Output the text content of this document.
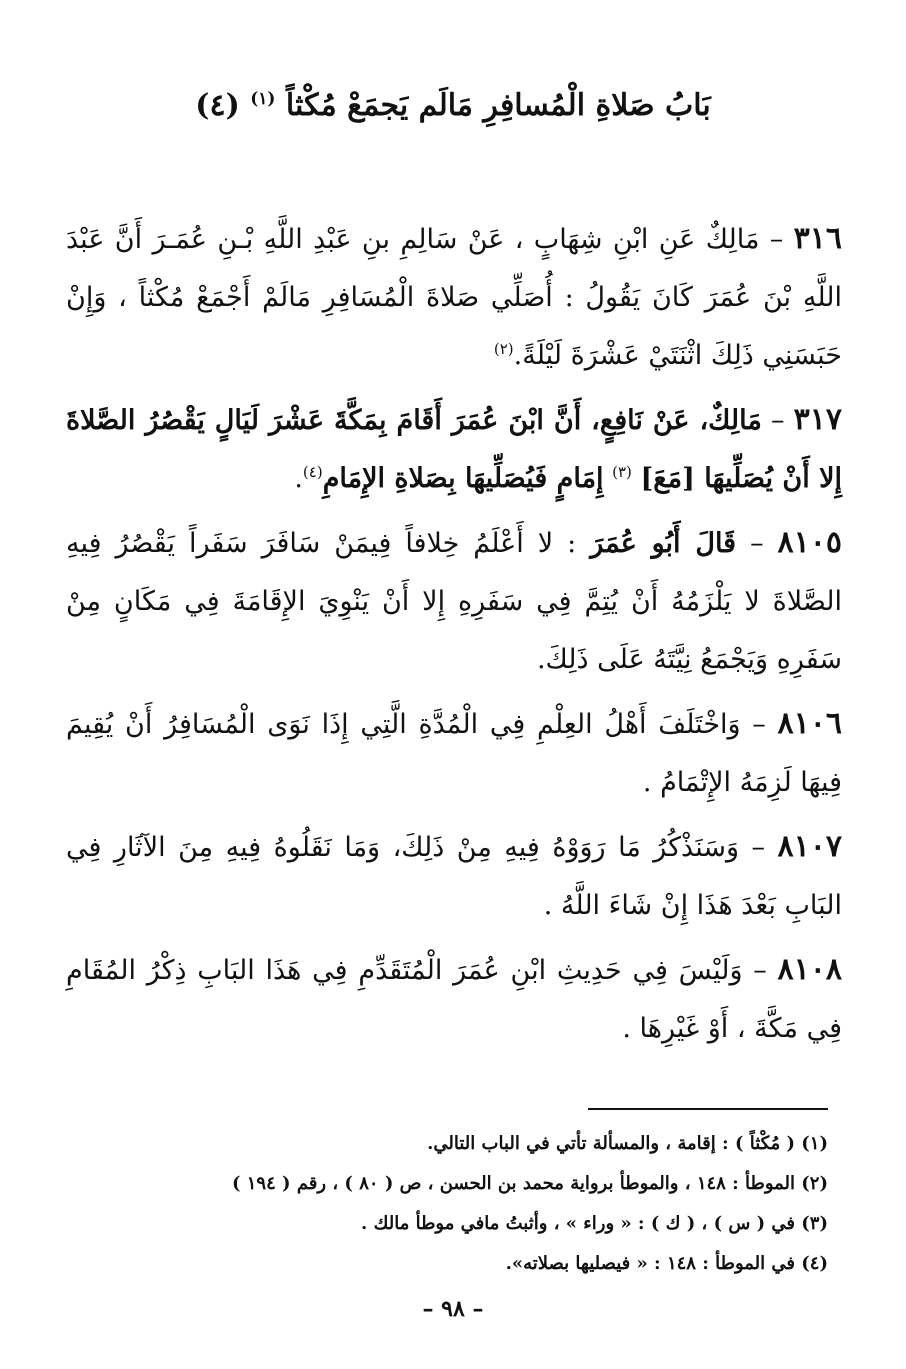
(٤) بَابُ صَلاةِ الْمُسافِرِ مَالَم يَجمَعْ مُكْثاً $^{(١)}$

٣١٦ – مَالِكٌ عَنِ ابْنِ شِهَابٍ ، عَنْ سَالِمِ بنِ عَبْدِ اللَّهِ بْـنِ عُمَـرَ أَنَّ عَبْدَ اللَّهِ بْنَ عُمَرَ كَانَ يَقُولُ : أُصَلِّي صَلاةَ الْمُسَافِرِ مَالَمْ أَجْمَعْ مُكْثاً ، وَإِنْ حَبَسَنِي ذَلِكَ اثْنَتَيْ عَشْرَةَ لَيْلَةً.$^{(٢)}$

٣١٧ – مَالِكٌ، عَنْ نَافِعٍ، أَنَّ ابْنَ عُمَرَ أَقَامَ بِمَكَّةَ عَشْرَ لَيَالٍ يَقْصُرُ الصَّلاةَ إِلا أَنْ يُصَلِّيهَا [مَعَ] $^{(٣)}$ إِمَامٍ فَيُصَلِّيهَا بِصَلاةِ الإِمَامِ$^{(٤)}$.

٨١٠٥ – قَالَ أَبُو عُمَرَ : لا أَعْلَمُ خِلافاً فِيمَنْ سَافَرَ سَفَراً يَقْصُرُ فِيهِ الصَّلاةَ لا يَلْزَمُهُ أَنْ يُتِمَّ فِي سَفَرِهِ إِلا أَنْ يَنْوِيَ الإِقَامَةَ فِي مَكَانٍ مِنْ سَفَرِهِ وَيَجْمَعُ نِيَّتَهُ عَلَى ذَلِكَ.

٨١٠٦ – وَاخْتَلَفَ أَهْلُ العِلْمِ فِي الْمُدَّةِ الَّتِي إِذَا نَوَى الْمُسَافِرُ أَنْ يُقِيمَ فِيهَا لَزِمَهُ الإِتْمَامُ .

٨١٠٧ – وَسَنَذْكُرُ مَا رَوَوْهُ فِيهِ مِنْ ذَلِكَ، وَمَا نَقَلُوهُ فِيهِ مِنَ الآثَارِ فِي البَابِ بَعْدَ هَذَا إِنْ شَاءَ اللَّهُ .

٨١٠٨ – وَلَيْسَ فِي حَدِيثِ ابْنِ عُمَرَ الْمُتَقَدِّمِ فِي هَذَا البَابِ ذِكْرُ المُقَامِ فِي مَكَّةَ ، أَوْ غَيْرِهَا .

(١) ( مُكْثاً ) : إقامة ، والمسألة تأتي في الباب التالي.
(٢) الموطأ : ١٤٨ ، والموطأ برواية محمد بن الحسن ، ص ( ٨٠ ) ، رقم ( ١٩٤ )
(٣) في ( س ) ، ( ك ) : « وراء » ، وأثبتُ مافي موطأ مالك .
(٤) في الموطأ : ١٤٨ : « فيصليها بصلاته».
– ٩٨ –
